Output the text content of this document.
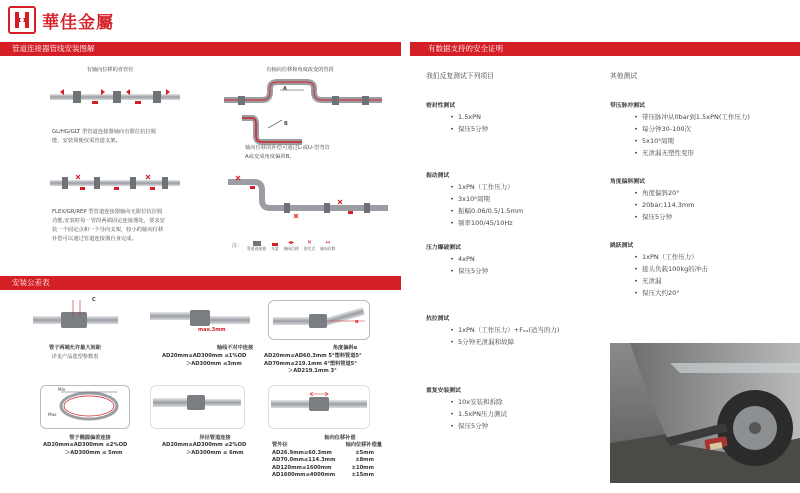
華佳金屬
管道连接器管线安装图解	有数据支持的安全证明
有轴向位移的直管径
GL/HG/GLT 型管道连接器轴向有限位抗拉脱
能，安装简便仅需管道支架。
有轴向位移和角度改变的管段
A
B
轴向位移的补偿可通过L-或U-型弯管
A或变成角度偏斜B。
FLEX/GR/REP 型管道连接器轴向无限位抗拉脱
功能,安装时每一管段两端固定连接器处，要求安
装一个固定点和一个导向支架，较小的轴向位移
补偿可以通过管道连接器自身完成。
注： 管道连接器 支架
◂▸
轴向位移
✕
固定点
↔
轴向位移
安装公差表
C
管子两端允许最大间距
详见产品选型参数表
max.3mm
轴线不对中连接
AD20mm≤AD300mm ≤1%OD
＞AD300mm ≤3mm
α
角度偏斜α
AD20mm≤AD60.3mm 5°塑料管道5°
AD70mm≤219.1mm 4°塑料管道5°
＞AD219.1mm 3°
Min
Max
管子椭圆偏差连接
AD20mm≤AD300mm ≤2%OD
＞AD300mm ≤ 5mm
异径管道连接
AD20mm≤AD300mm ≤2%OD
＞AD300mm ≤ 6mm
轴向位移补偿
管外径	轴向位移补偿量
AD26.9mm≤60.3mm	±5mm
AD70.0mm≤114.3mm	±8mm
AD120mm≤1600mm	±10mm
AD1600mm≤4000mm	±15mm
我们反复测试下列项目	其他测试
密封性测试
• 1.5xPN
• 保压5分钟
振动测试
• 1xPN（工作压力）
• 3x10⁶周期
• 振幅0.06/0.5/1.5mm
• 频率100/45/10Hz
压力爆破测试
• 4xPN
• 保压5分钟
抗拉测试
• 1xPN（工作压力）+Fₐₓ(适当的力)
• 5分钟无泄漏和故障
重复安装测试
• 10x安装和拆除
• 1.5xPN压力测试
• 保压5分钟
带压脉冲测试
• 带压脉冲从0bar到1.5xPN(工作压力)
• 每分钟30-100次
• 5x10⁵周期
• 无泄漏无塑性变形
角度偏斜测试
• 角度偏斜20°
• 20bar;114.3mm
• 保压5分钟
跳跃测试
• 1xPN（工作压力）
• 接头负载100kg的冲击
• 无泄漏
• 保压大约20°
